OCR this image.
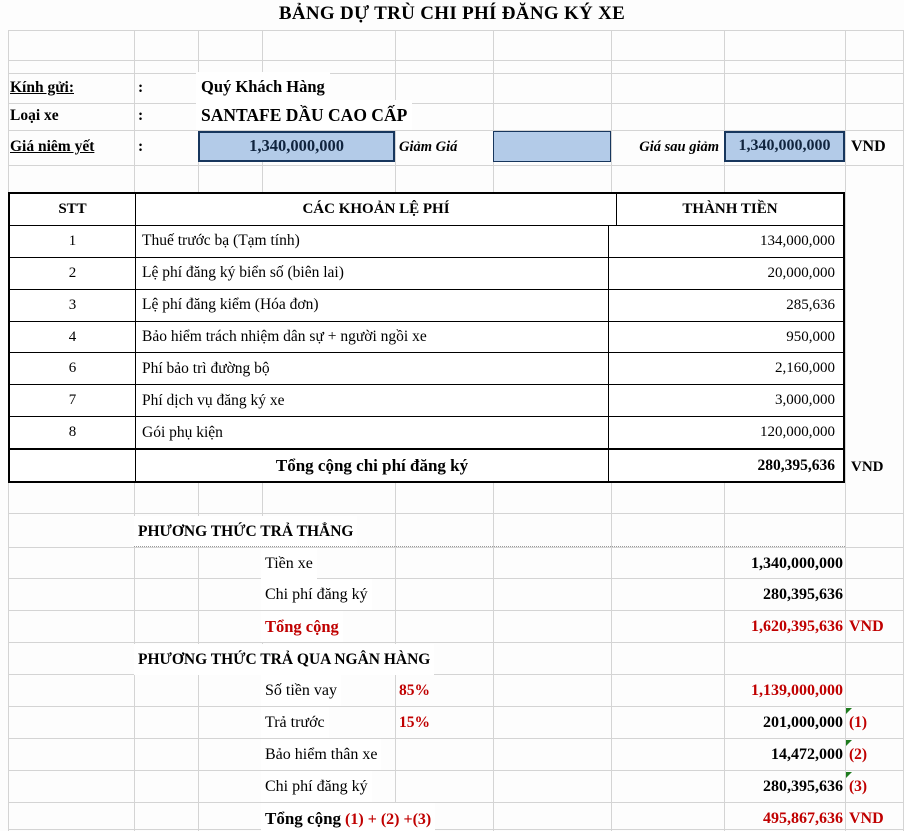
BẢNG DỰ TRÙ CHI PHÍ ĐĂNG KÝ XE
Kính gửi:	:	Quý Khách Hàng
Loại xe	:	SANTAFE DẦU CAO CẤP
Giá niêm yết	:	1,340,000,000	Giảm Giá	Giá sau giảm	1,340,000,000	VND
STT	CÁC KHOẢN LỆ PHÍ	THÀNH TIỀN
1	Thuế trước bạ (Tạm tính)	134,000,000
2	Lệ phí đăng ký biển số (biên lai)	20,000,000
3	Lệ phí đăng kiểm (Hóa đơn)	285,636
4	Bảo hiểm trách nhiệm dân sự + người ngồi xe	950,000
6	Phí bảo trì đường bộ	2,160,000
7	Phí dịch vụ đăng ký xe	3,000,000
8	Gói phụ kiện	120,000,000
Tổng cộng chi phí đăng ký	280,395,636	VND
PHƯƠNG THỨC TRẢ THẲNG
Tiền xe	1,340,000,000
Chi phí đăng ký	280,395,636
Tổng cộng	1,620,395,636 VND
PHƯƠNG THỨC TRẢ QUA NGÂN HÀNG
Số tiền vay	85%	1,139,000,000
Trả trước	15%	201,000,000 (1)
Bảo hiểm thân xe	14,472,000 (2)
Chi phí đăng ký	280,395,636 (3)
Tổng cộng (1) + (2) +(3)	495,867,636 VND
